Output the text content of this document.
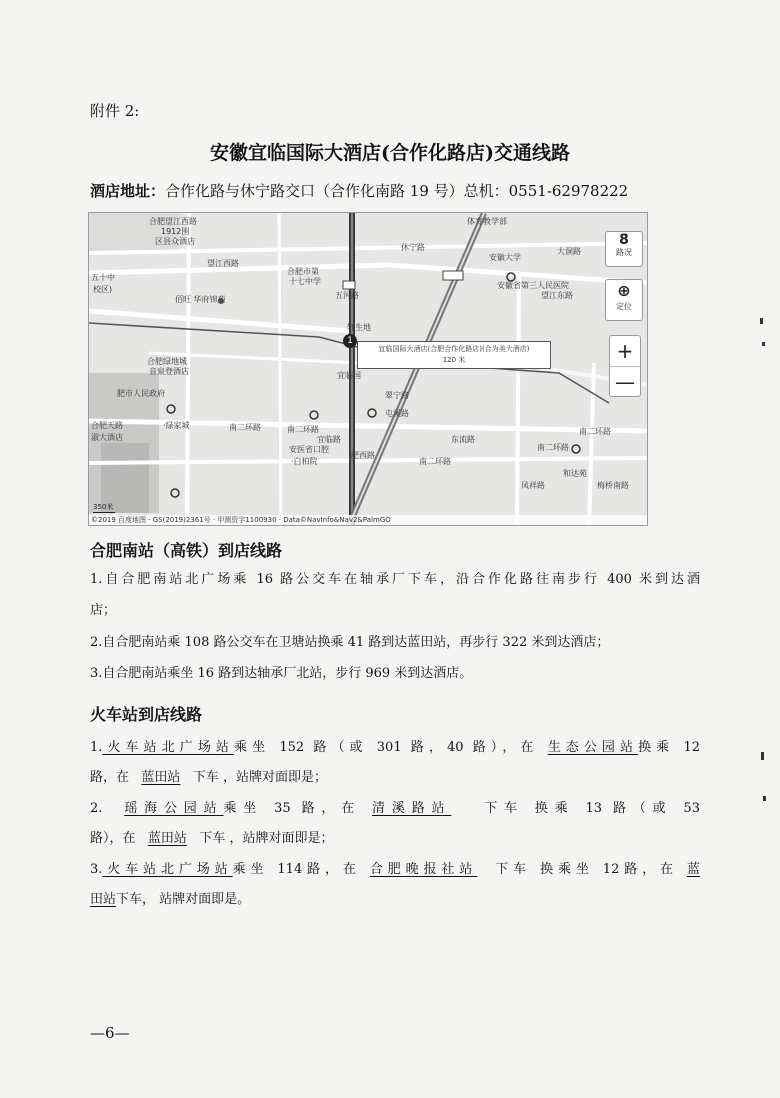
附件 2:
安徽宜临国际大酒店(合作化路店)交通线路
酒店地址：合作化路与休宁路交口（合作化南路 19 号）总机：0551-62978222
合肥望江西路
1912围
区县众酒店
望江西路
合肥市第
十七中学
五十中
校区)
佰旺 华府锦苑	五河路
休宁路
体育教学部
大洞路
安徽大学
望江东路
安徽省第三人民医院
合肥绿地城
音泉登酒店	宜临国
肥市人民政府
南二环路
宜临路
合肥天路	·绿家城
淑大酒店
南二环路
安医省口腔
·白柏院
东流路
南二环路
和达苑
南二环路
梅桥南路
凤祥路
屯溪路
翠宁路
肥西路
南二环路
轩生地
1
宜临国际大酒店(合肥合作化路店)(合为美大酒店)
120 米
8
路况
⊕
定位
+
—
350米
©2019 百度地图 · GS(2019)2361号 · 甲测资字1100930 · Data©NavInfo&Nav2&PalmGO
合肥南站（高铁）到店线路
1.自合肥南站北广场乘 16 路公交车在轴承厂下车，沿合作化路往南步行 400 米到达酒
店；
2.自合肥南站乘 108 路公交车在卫塘站换乘 41 路到达蓝田站，再步行 322 米到达酒店；
3.自合肥南站乘坐 16 路到达轴承厂北站，步行 969 米到达酒店。
火车站到店线路
1.火车站北广场站乘坐 152 路（或 301 路，40 路），在 生态公园站换乘 12
路，在 蓝田站 下车 ，站牌对面即是；
2. 瑶海公园站乘坐 35 路，在 清溪路站	下车 换乘 13 路（或 53
路），在 蓝田站 下车 ，站牌对面即是；
3.火车站北广场站乘坐 114路，在 合肥晚报社站 下车 换乘坐 12路，在 蓝
田站下车， 站牌对面即是。
—6—
